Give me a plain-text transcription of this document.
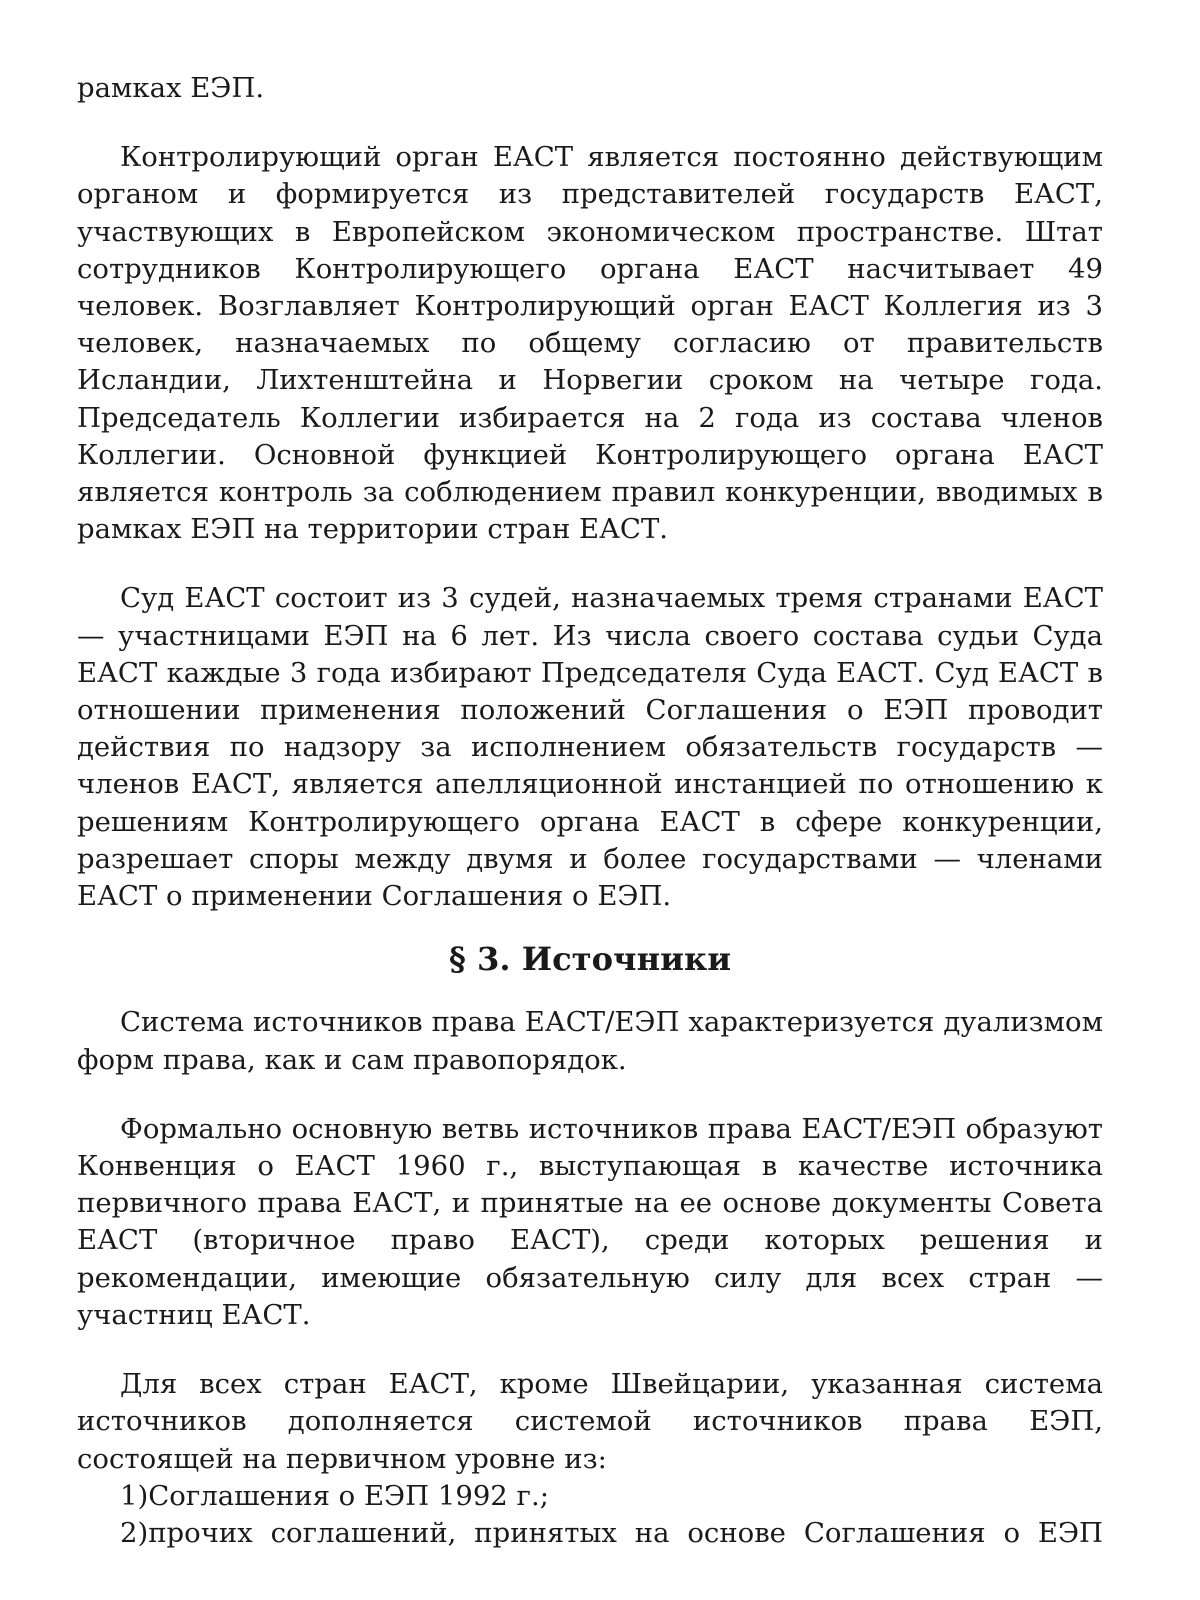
рамках ЕЭП.

Контролирующий орган ЕАСТ является постоянно действующим органом и формируется из представителей государств ЕАСТ, участвующих в Европейском экономическом пространстве. Штат сотрудников Контролирующего органа ЕАСТ насчитывает 49 человек. Возглавляет Контролирующий орган ЕАСТ Коллегия из 3 человек, назначаемых по общему согласию от правительств Исландии, Лихтенштейна и Норвегии сроком на четыре года. Председатель Коллегии избирается на 2 года из состава членов Коллегии. Основной функцией Контролирующего органа ЕАСТ является контроль за соблюдением правил конкуренции, вводимых в рамках ЕЭП на территории стран ЕАСТ.

Суд ЕАСТ состоит из 3 судей, назначаемых тремя странами ЕАСТ — участницами ЕЭП на 6 лет. Из числа своего состава судьи Суда ЕАСТ каждые 3 года избирают Председателя Суда ЕАСТ. Суд ЕАСТ в отношении применения положений Соглашения о ЕЭП проводит действия по надзору за исполнением обязательств государств — членов ЕАСТ, является апелляционной инстанцией по отношению к решениям Контролирующего органа ЕАСТ в сфере конкуренции, разрешает споры между двумя и более государствами — членами ЕАСТ о применении Соглашения о ЕЭП.

§ 3. Источники

Система источников права ЕАСТ/ЕЭП характеризуется дуализмом форм права, как и сам правопорядок.

Формально основную ветвь источников права ЕАСТ/ЕЭП образуют Конвенция о ЕАСТ 1960 г., выступающая в качестве источника первичного права ЕАСТ, и принятые на ее основе документы Совета ЕАСТ (вторичное право ЕАСТ), среди которых решения и рекомендации, имеющие обязательную силу для всех стран — участниц ЕАСТ.

Для всех стран ЕАСТ, кроме Швейцарии, указанная система источников дополняется системой источников права ЕЭП, состоящей на первичном уровне из:

1)Соглашения о ЕЭП 1992 г.;

2)прочих соглашений, принятых на основе Соглашения о ЕЭП
